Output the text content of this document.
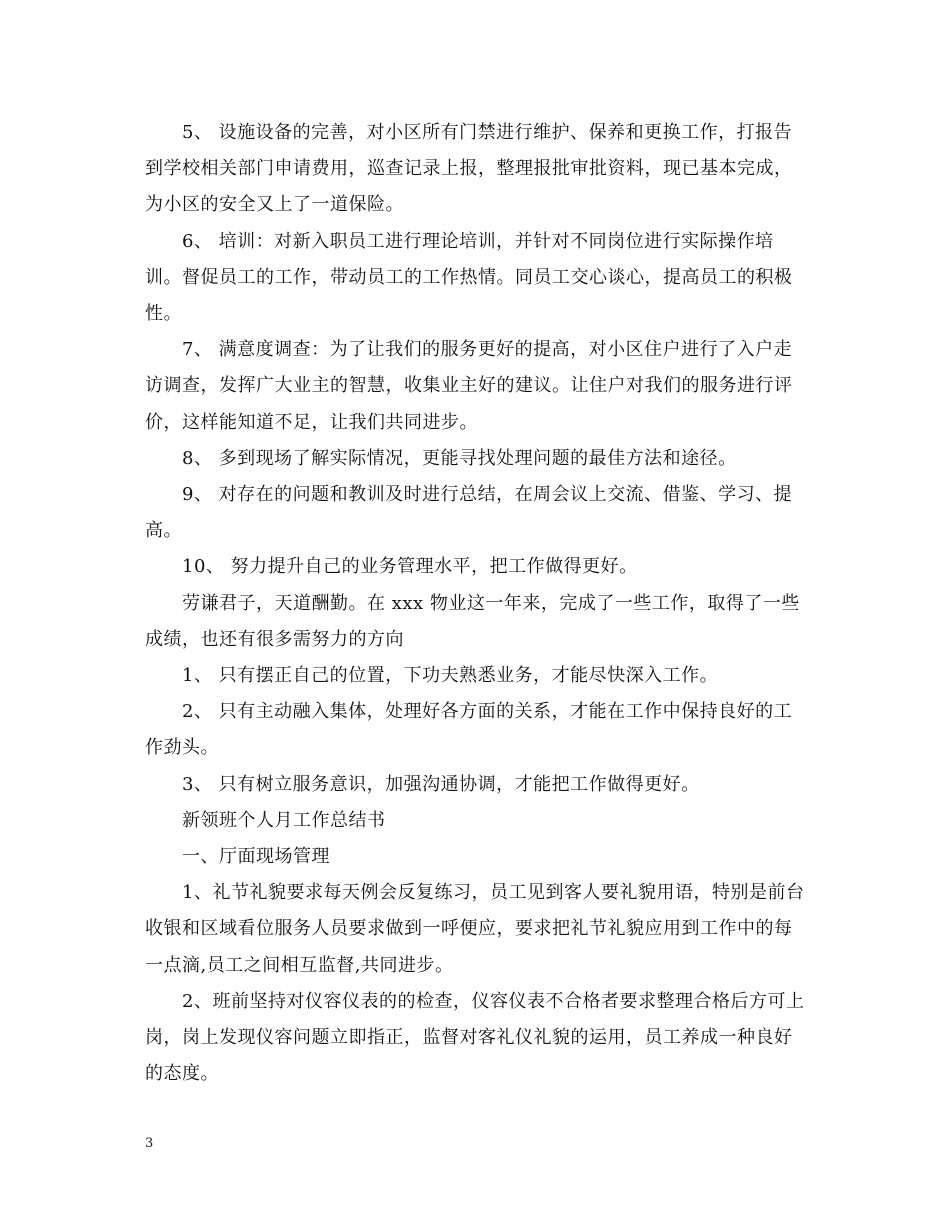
5、 设施设备的完善，对小区所有门禁进行维护、保养和更换工作，打报告到学校相关部门申请费用，巡查记录上报，整理报批审批资料，现已基本完成，为小区的安全又上了一道保险。

6、 培训：对新入职员工进行理论培训，并针对不同岗位进行实际操作培训。督促员工的工作，带动员工的工作热情。同员工交心谈心，提高员工的积极性。

7、 满意度调查：为了让我们的服务更好的提高，对小区住户进行了入户走访调查，发挥广大业主的智慧，收集业主好的建议。让住户对我们的服务进行评价，这样能知道不足，让我们共同进步。

8、 多到现场了解实际情况，更能寻找处理问题的最佳方法和途径。

9、 对存在的问题和教训及时进行总结，在周会议上交流、借鉴、学习、提高。

10、 努力提升自己的业务管理水平，把工作做得更好。

劳谦君子，天道酬勤。在 xxx 物业这一年来，完成了一些工作，取得了一些成绩，也还有很多需努力的方向

1、 只有摆正自己的位置，下功夫熟悉业务，才能尽快深入工作。

2、 只有主动融入集体，处理好各方面的关系，才能在工作中保持良好的工作劲头。

3、 只有树立服务意识，加强沟通协调，才能把工作做得更好。

新领班个人月工作总结书

一、厅面现场管理

1、礼节礼貌要求每天例会反复练习，员工见到客人要礼貌用语，特别是前台收银和区域看位服务人员要求做到一呼便应，要求把礼节礼貌应用到工作中的每一点滴,员工之间相互监督,共同进步。

2、班前坚持对仪容仪表的的检查，仪容仪表不合格者要求整理合格后方可上岗，岗上发现仪容问题立即指正，监督对客礼仪礼貌的运用，员工养成一种良好的态度。

3
